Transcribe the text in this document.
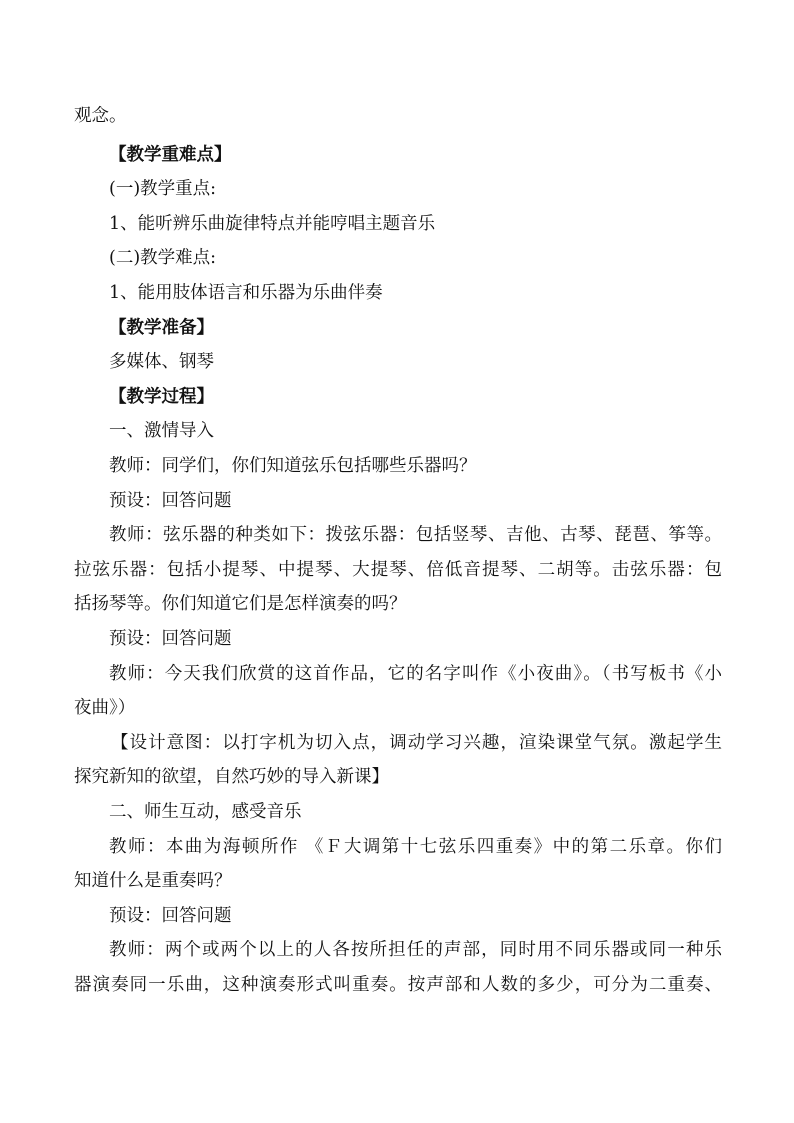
观念。
【教学重难点】
(一)教学重点:
1、能听辨乐曲旋律特点并能哼唱主题音乐
(二)教学难点:
1、能用肢体语言和乐器为乐曲伴奏
【教学准备】
多媒体、钢琴
【教学过程】
一、激情导入
教师：同学们，你们知道弦乐包括哪些乐器吗？
预设：回答问题
教师：弦乐器的种类如下：拨弦乐器：包括竖琴、吉他、古琴、琵琶、筝等。
拉弦乐器：包括小提琴、中提琴、大提琴、倍低音提琴、二胡等。击弦乐器：包
括扬琴等。你们知道它们是怎样演奏的吗？
预设：回答问题
教师：今天我们欣赏的这首作品，它的名字叫作《小夜曲》。（书写板书《小
夜曲》）
【设计意图：以打字机为切入点，调动学习兴趣，渲染课堂气氛。激起学生
探究新知的欲望，自然巧妙的导入新课】
二、师生互动，感受音乐
教师：本曲为海顿所作 《Ｆ大调第十七弦乐四重奏》中的第二乐章。你们
知道什么是重奏吗？
预设：回答问题
教师：两个或两个以上的人各按所担任的声部，同时用不同乐器或同一种乐
器演奏同一乐曲，这种演奏形式叫重奏。按声部和人数的多少，可分为二重奏、
